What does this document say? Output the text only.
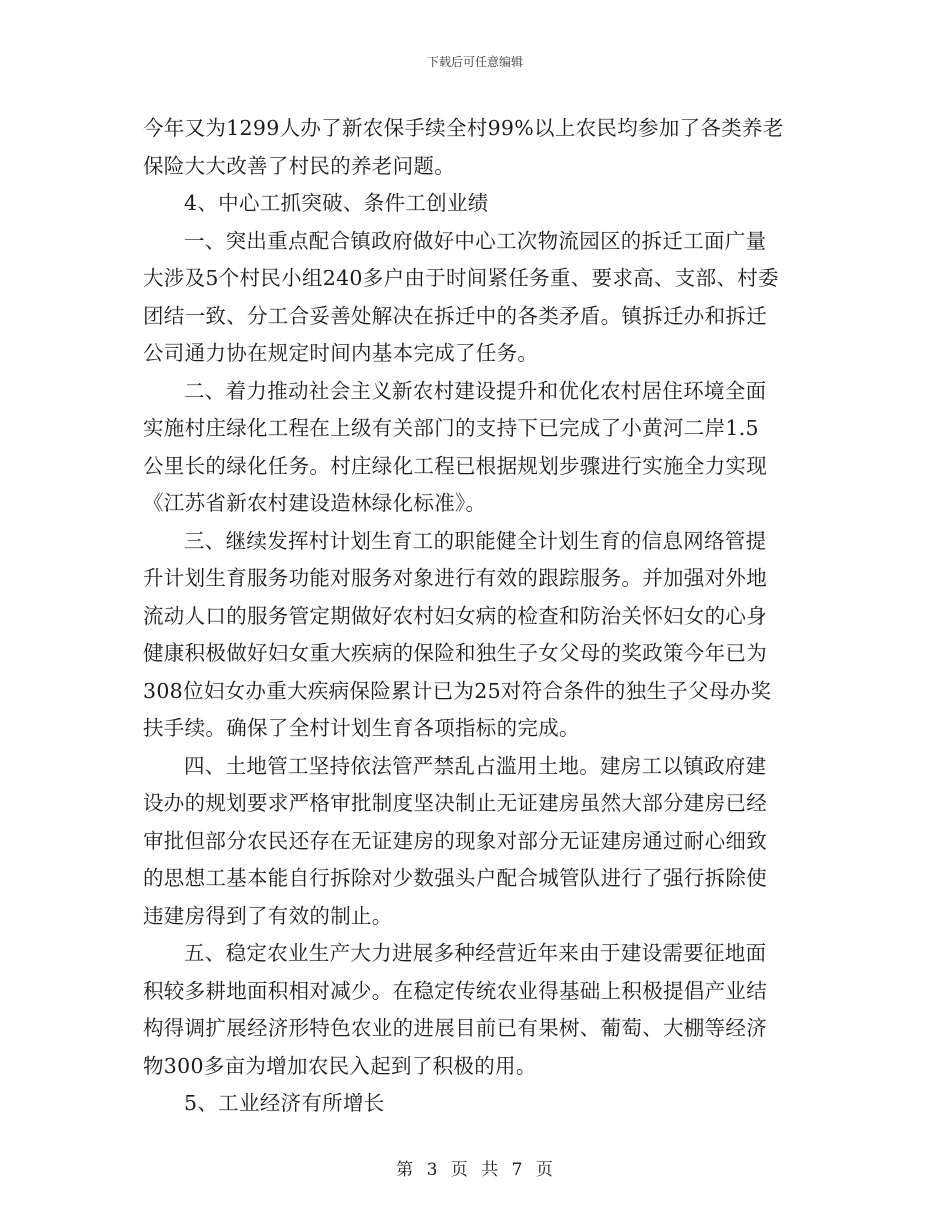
下载后可任意编辑
今年又为1299人办了新农保手续全村99%以上农民均参加了各类养老
保险大大改善了村民的养老问题。
4、中心工抓突破、条件工创业绩
一、突出重点配合镇政府做好中心工次物流园区的拆迁工面广量
大涉及5个村民小组240多户由于时间紧任务重、要求高、支部、村委
团结一致、分工合妥善处解决在拆迁中的各类矛盾。镇拆迁办和拆迁
公司通力协在规定时间内基本完成了任务。
二、着力推动社会主义新农村建设提升和优化农村居住环境全面
实施村庄绿化工程在上级有关部门的支持下已完成了小黄河二岸1.5
公里长的绿化任务。村庄绿化工程已根据规划步骤进行实施全力实现
《江苏省新农村建设造林绿化标准》。
三、继续发挥村计划生育工的职能健全计划生育的信息网络管提
升计划生育服务功能对服务对象进行有效的跟踪服务。并加强对外地
流动人口的服务管定期做好农村妇女病的检查和防治关怀妇女的心身
健康积极做好妇女重大疾病的保险和独生子女父母的奖政策今年已为
308位妇女办重大疾病保险累计已为25对符合条件的独生子父母办奖
扶手续。确保了全村计划生育各项指标的完成。
四、土地管工坚持依法管严禁乱占滥用土地。建房工以镇政府建
设办的规划要求严格审批制度坚决制止无证建房虽然大部分建房已经
审批但部分农民还存在无证建房的现象对部分无证建房通过耐心细致
的思想工基本能自行拆除对少数强头户配合城管队进行了强行拆除使
违建房得到了有效的制止。
五、稳定农业生产大力进展多种经营近年来由于建设需要征地面
积较多耕地面积相对减少。在稳定传统农业得基础上积极提倡产业结
构得调扩展经济形特色农业的进展目前已有果树、葡萄、大棚等经济
物300多亩为增加农民入起到了积极的用。
5、工业经济有所增长
第 3 页 共 7 页
